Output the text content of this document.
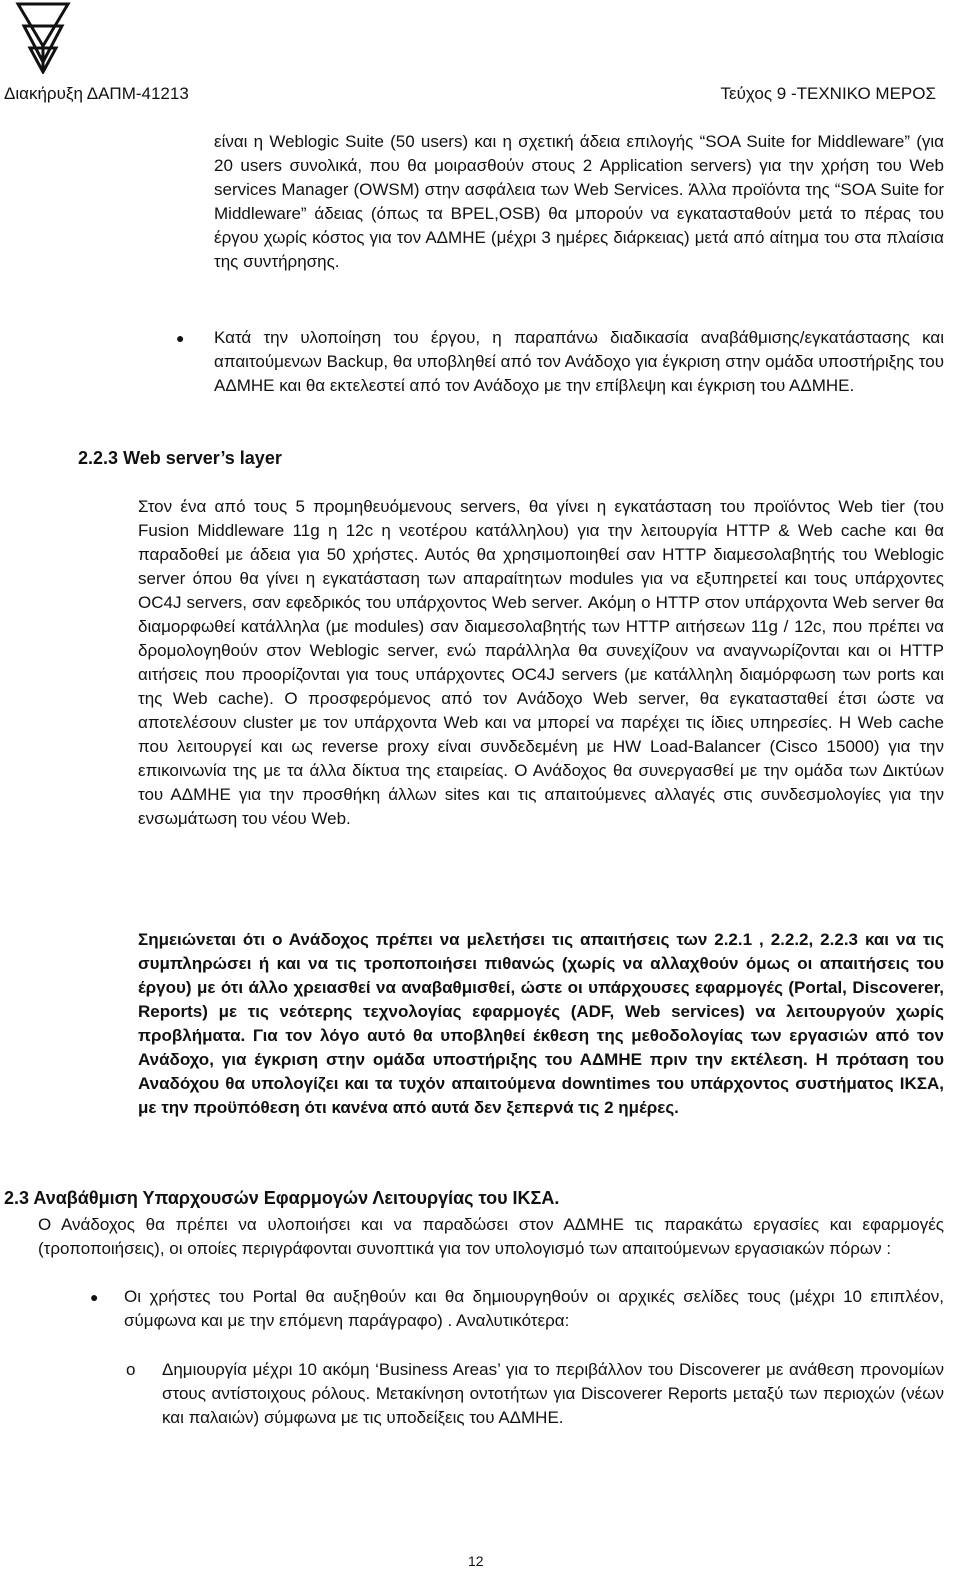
Διακήρυξη ΔΑΠΜ-41213	Τεύχος 9 -ΤΕΧΝΙΚΟ ΜΕΡΟΣ

είναι η Weblogic Suite (50 users) και η σχετική άδεια επιλογής “SOA Suite for Middleware” (για 20 users συνολικά, που θα μοιρασθούν στους 2 Application servers) για την χρήση του Web services Manager (OWSM) στην ασφάλεια των Web Services. Άλλα προϊόντα της “SOA Suite for Middleware” άδειας (όπως τα BPEL,OSB) θα μπορούν να εγκατασταθούν μετά το πέρας του έργου χωρίς κόστος για τον ΑΔΜΗΕ (μέχρι 3 ημέρες διάρκειας) μετά από αίτημα του στα πλαίσια της συντήρησης.

● Κατά την υλοποίηση του έργου, η παραπάνω διαδικασία αναβάθμισης/εγκατάστασης και απαιτούμενων Backup, θα υποβληθεί από τον Ανάδοχο για έγκριση στην ομάδα υποστήριξης του ΑΔΜΗΕ και θα εκτελεστεί από τον Ανάδοχο με την επίβλεψη και έγκριση του ΑΔΜΗΕ.

2.2.3 Web server’s layer

Στον ένα από τους 5 προμηθευόμενους servers, θα γίνει η εγκατάσταση του προϊόντος Web tier (του Fusion Middleware 11g η 12c η νεοτέρου κατάλληλου) για την λειτουργία HTTP & Web cache και θα παραδοθεί με άδεια για 50 χρήστες. Αυτός θα χρησιμοποιηθεί σαν HTTP διαμεσολαβητής του Weblogic server όπου θα γίνει η εγκατάσταση των απαραίτητων modules για να εξυπηρετεί και τους υπάρχοντες OC4J servers, σαν εφεδρικός του υπάρχοντος Web server. Ακόμη ο HTTP στον υπάρχοντα Web server θα διαμορφωθεί κατάλληλα (με modules) σαν διαμεσολαβητής των HTTP αιτήσεων 11g / 12c, που πρέπει να δρομολογηθούν στον Weblogic server, ενώ παράλληλα θα συνεχίζουν να αναγνωρίζονται και οι HTTP αιτήσεις που προορίζονται για τους υπάρχοντες OC4J servers (με κατάλληλη διαμόρφωση των ports και της Web cache). Ο προσφερόμενος από τον Ανάδοχο Web server, θα εγκατασταθεί έτσι ώστε να αποτελέσουν cluster με τον υπάρχοντα Web και να μπορεί να παρέχει τις ίδιες υπηρεσίες. Η Web cache που λειτουργεί και ως reverse proxy είναι συνδεδεμένη με HW Load-Balancer (Cisco 15000) για την επικοινωνία της με τα άλλα δίκτυα της εταιρείας. Ο Ανάδοχος θα συνεργασθεί με την ομάδα των Δικτύων του ΑΔΜΗΕ για την προσθήκη άλλων sites και τις απαιτούμενες αλλαγές στις συνδεσμολογίες για την ενσωμάτωση του νέου Web.

Σημειώνεται ότι ο Ανάδοχος πρέπει να μελετήσει τις απαιτήσεις των 2.2.1 , 2.2.2, 2.2.3 και να τις συμπληρώσει ή και να τις τροποποιήσει πιθανώς (χωρίς να αλλαχθούν όμως οι απαιτήσεις του έργου) με ότι άλλο χρειασθεί να αναβαθμισθεί, ώστε οι υπάρχουσες εφαρμογές (Portal, Discoverer, Reports) με τις νεότερης τεχνολογίας εφαρμογές (ADF, Web services) να λειτουργούν χωρίς προβλήματα. Για τον λόγο αυτό θα υποβληθεί έκθεση της μεθοδολογίας των εργασιών από τον Ανάδοχο, για έγκριση στην ομάδα υποστήριξης του ΑΔΜΗΕ πριν την εκτέλεση. Η πρόταση του Αναδόχου θα υπολογίζει και τα τυχόν απαιτούμενα downtimes του υπάρχοντος συστήματος ΙΚΣΑ, με την προϋπόθεση ότι κανένα από αυτά δεν ξεπερνά τις 2 ημέρες.

2.3 Αναβάθμιση Υπαρχουσών Εφαρμογών Λειτουργίας του ΙΚΣΑ.

Ο Ανάδοχος θα πρέπει να υλοποιήσει και να παραδώσει στον ΑΔΜΗΕ τις παρακάτω εργασίες και εφαρμογές (τροποποιήσεις), οι οποίες περιγράφονται συνοπτικά για τον υπολογισμό των απαιτούμενων εργασιακών πόρων :

● Οι χρήστες του Portal θα αυξηθούν και θα δημιουργηθούν οι αρχικές σελίδες τους (μέχρι 10 επιπλέον, σύμφωνα και με την επόμενη παράγραφο) . Αναλυτικότερα:

o Δημιουργία μέχρι 10 ακόμη ‘Business Areas’ για το περιβάλλον του Discoverer με ανάθεση προνομίων στους αντίστοιχους ρόλους. Μετακίνηση οντοτήτων για Discoverer Reports μεταξύ των περιοχών (νέων και παλαιών) σύμφωνα με τις υποδείξεις του ΑΔΜΗΕ.

12
